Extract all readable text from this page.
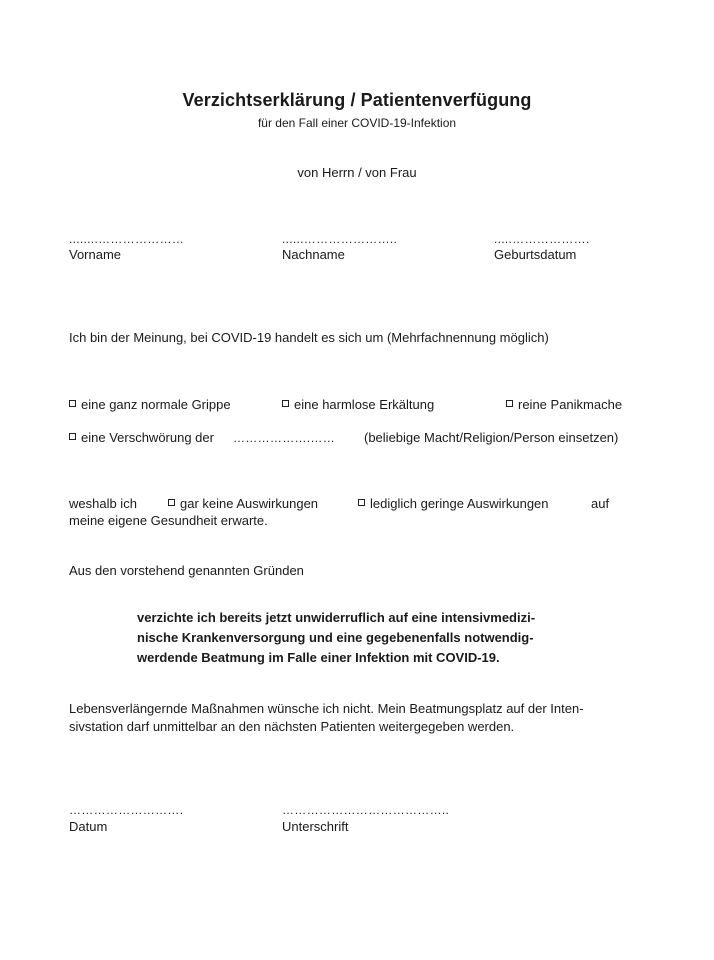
Verzichtserklärung / Patientenverfügung
für den Fall einer COVID-19-Infektion
von Herrn / von Frau
........…………………
Vorname
......…………………..
Nachname
.....……………….
Geburtsdatum
Ich bin der Meinung, bei COVID-19 handelt es sich um (Mehrfachnennung möglich)
eine ganz normale Grippe	eine harmlose Erkältung	reine Panikmache
eine Verschwörung der ……………….…… (beliebige Macht/Religion/Person einsetzen)
weshalb ich	gar keine Auswirkungen	lediglich geringe Auswirkungen	auf
meine eigene Gesundheit erwarte.
Aus den vorstehend genannten Gründen
verzichte ich bereits jetzt unwiderruflich auf eine intensivmedizi-
nische Krankenversorgung und eine gegebenenfalls notwendig-
werdende Beatmung im Falle einer Infektion mit COVID-19.
Lebensverlängernde Maßnahmen wünsche ich nicht. Mein Beatmungsplatz auf der Inten-
sivstation darf unmittelbar an den nächsten Patienten weitergegeben werden.
……………………….
Datum
…………………………………..
Unterschrift
